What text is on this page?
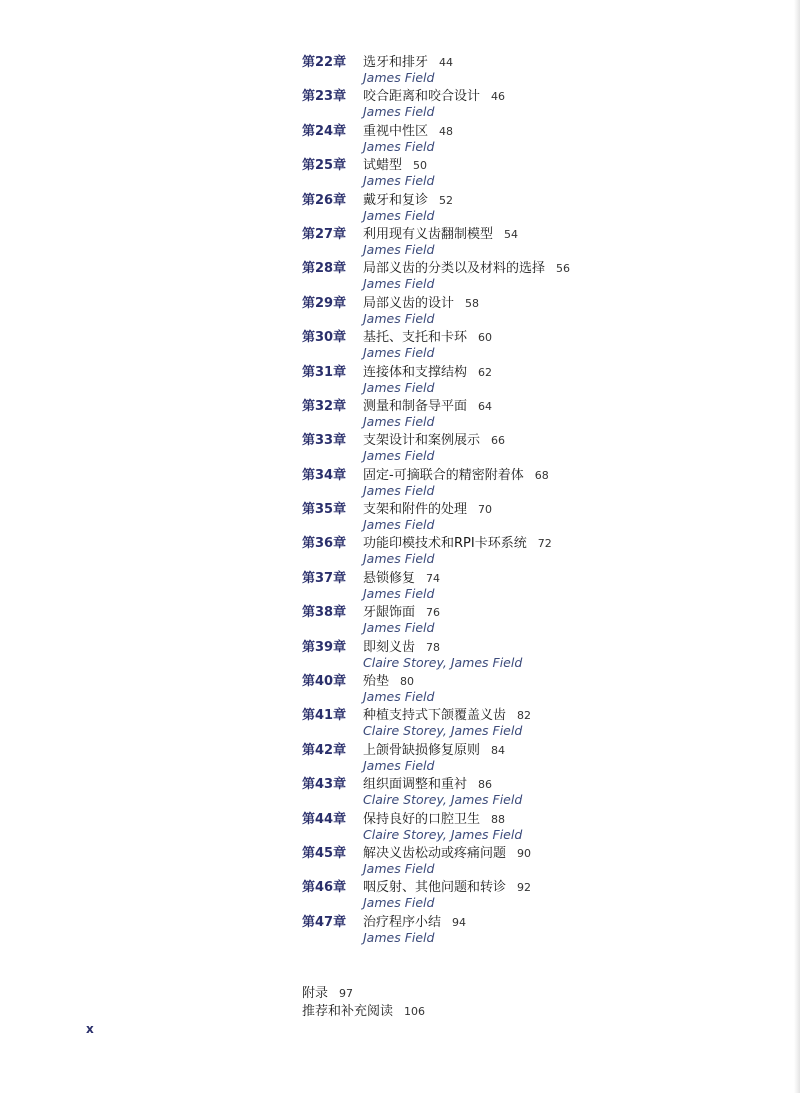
第22章 选牙和排牙 44
James Field
第23章 咬合距离和咬合设计 46
James Field
第24章 重视中性区 48
James Field
第25章 试蜡型 50
James Field
第26章 戴牙和复诊 52
James Field
第27章 利用现有义齿翻制模型 54
James Field
第28章 局部义齿的分类以及材料的选择 56
James Field
第29章 局部义齿的设计 58
James Field
第30章 基托、支托和卡环 60
James Field
第31章 连接体和支撑结构 62
James Field
第32章 测量和制备导平面 64
James Field
第33章 支架设计和案例展示 66
James Field
第34章 固定-可摘联合的精密附着体 68
James Field
第35章 支架和附件的处理 70
James Field
第36章 功能印模技术和RPI卡环系统 72
James Field
第37章 悬锁修复 74
James Field
第38章 牙龈饰面 76
James Field
第39章 即刻义齿 78
Claire Storey, James Field
第40章 殆垫 80
James Field
第41章 种植支持式下颌覆盖义齿 82
Claire Storey, James Field
第42章 上颌骨缺损修复原则 84
James Field
第43章 组织面调整和重衬 86
Claire Storey, James Field
第44章 保持良好的口腔卫生 88
Claire Storey, James Field
第45章 解决义齿松动或疼痛问题 90
James Field
第46章 咽反射、其他问题和转诊 92
James Field
第47章 治疗程序小结 94
James Field
附录 97
推荐和补充阅读 106
x
